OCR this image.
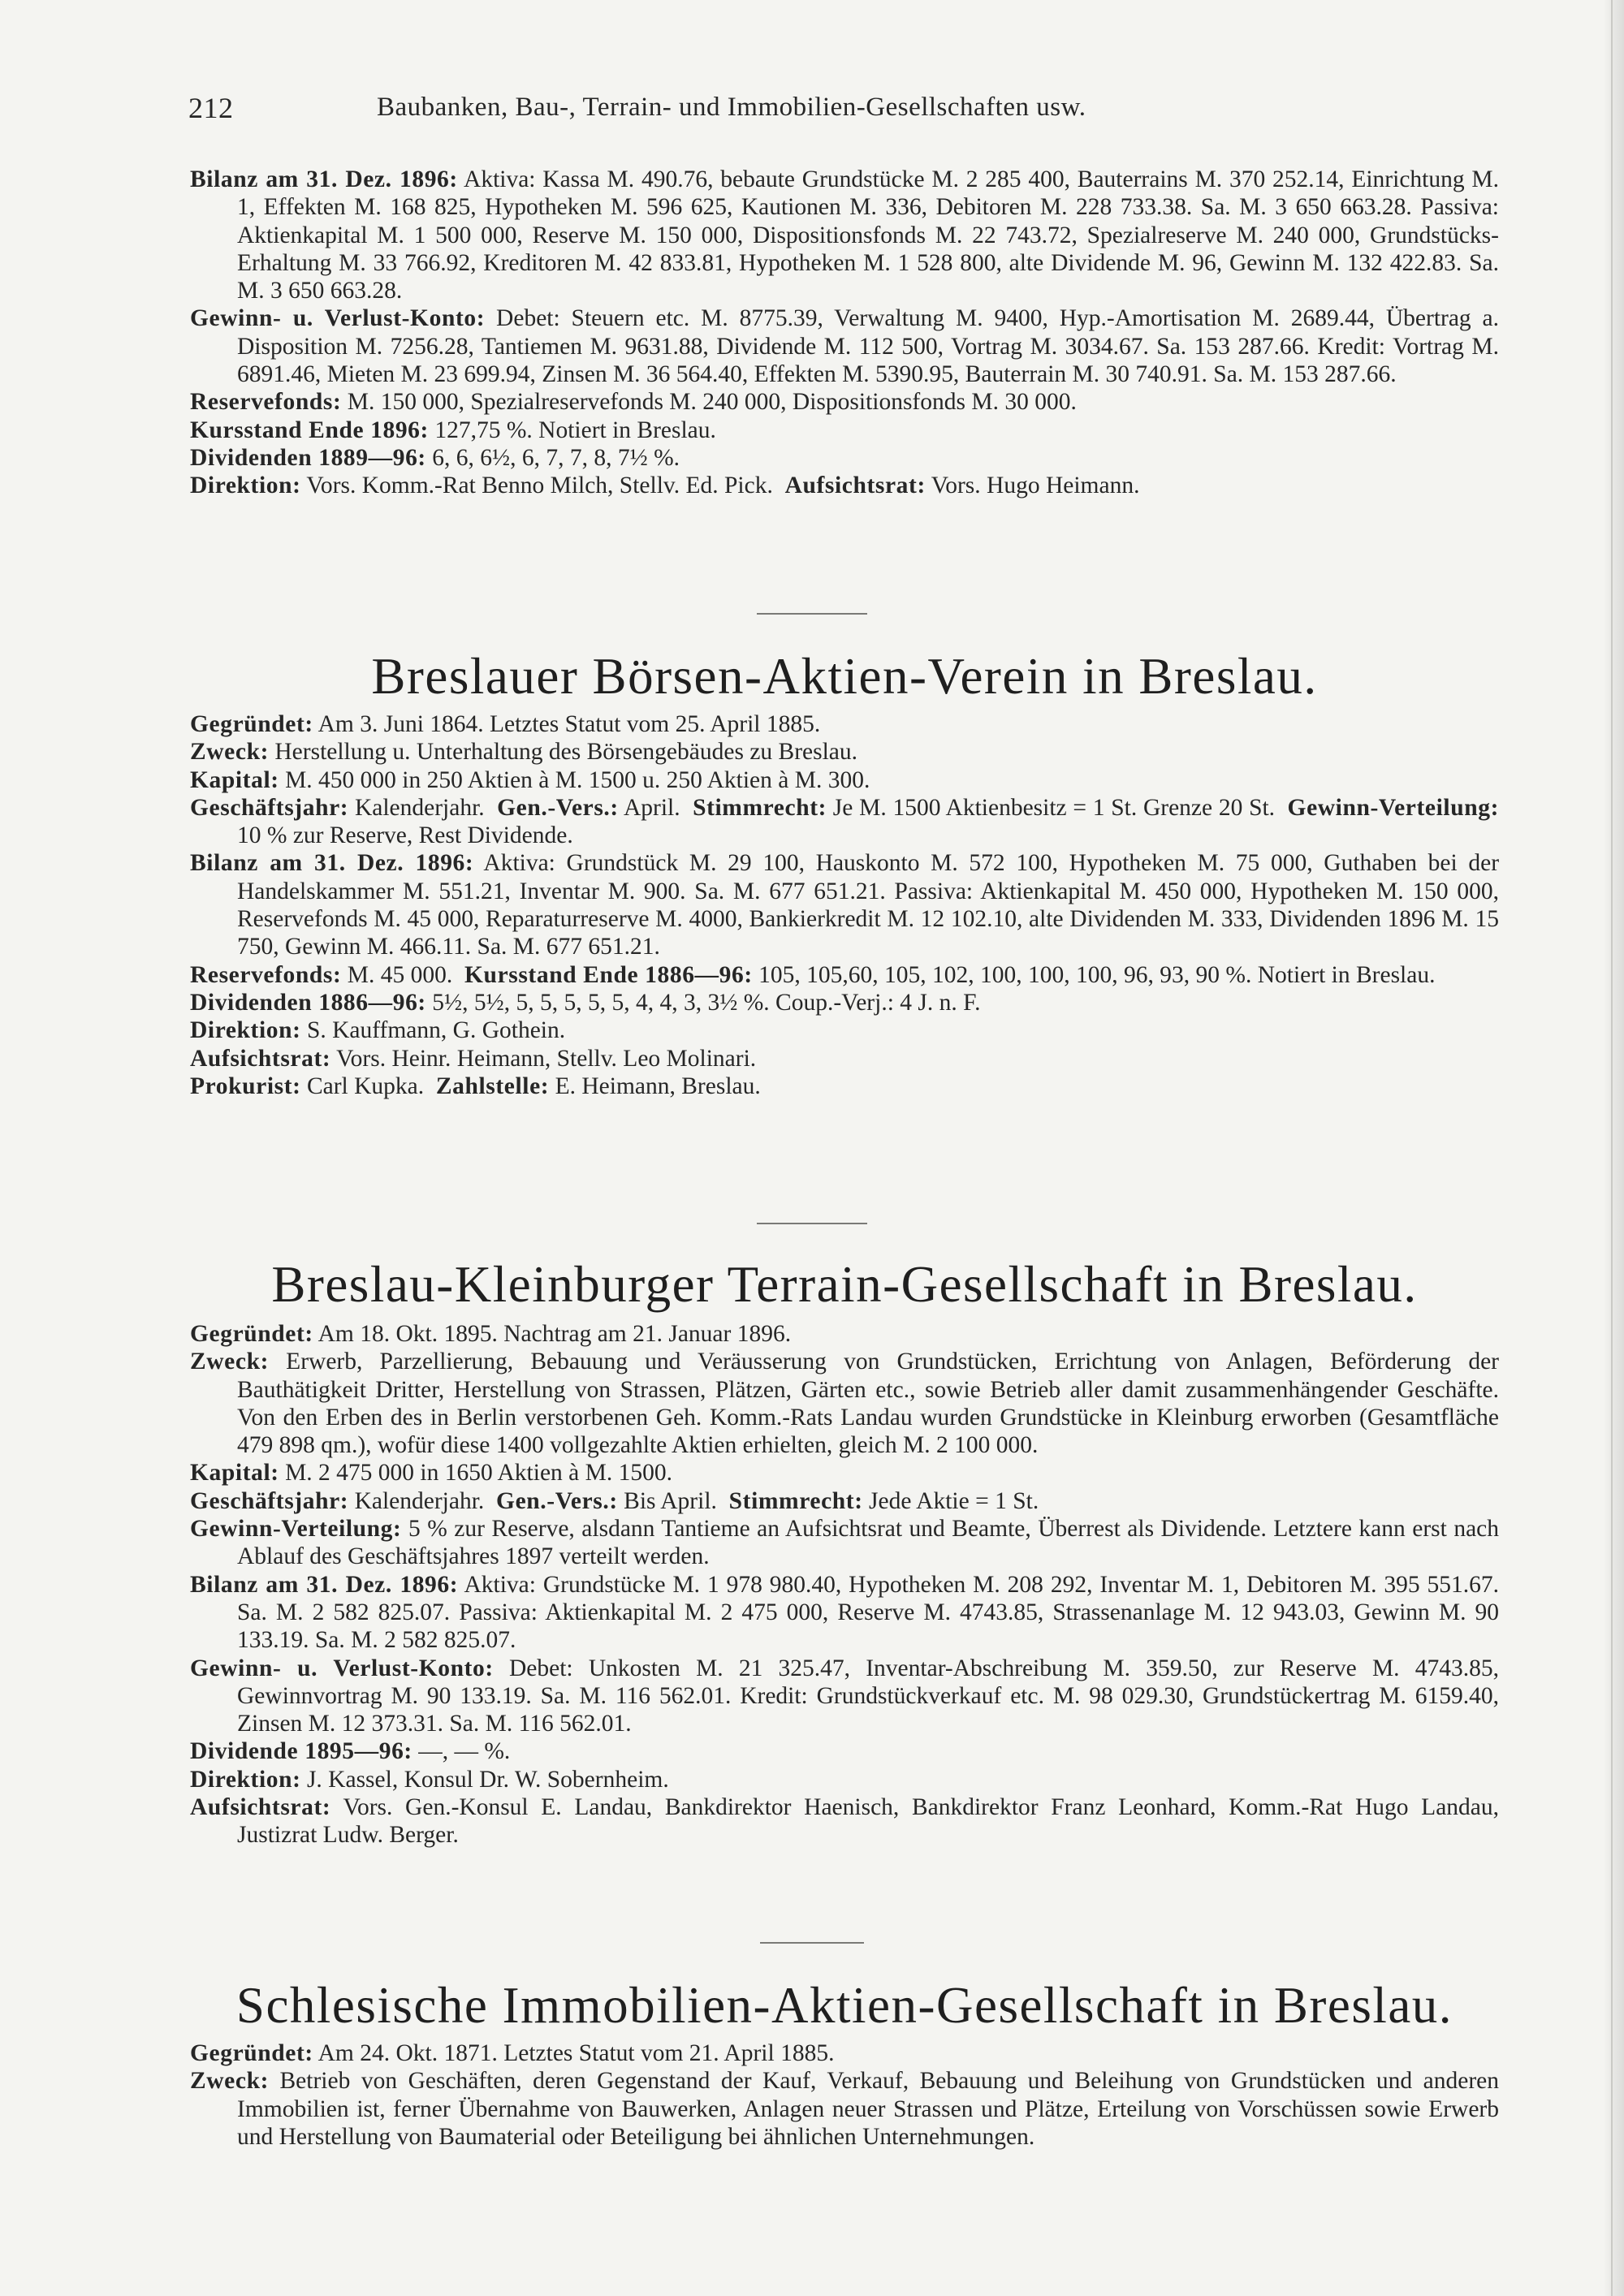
212	Baubanken, Bau-, Terrain- und Immobilien-Gesellschaften usw.

Bilanz am 31. Dez. 1896: Aktiva: Kassa M. 490.76, bebaute Grundstücke M. 2 285 400, Bauterrains M. 370 252.14, Einrichtung M. 1, Effekten M. 168 825, Hypotheken M. 596 625, Kautionen M. 336, Debitoren M. 228 733.38. Sa. M. 3 650 663.28. Passiva: Aktienkapital M. 1 500 000, Reserve M. 150 000, Dispositionsfonds M. 22 743.72, Spezialreserve M. 240 000, Grundstücks-Erhaltung M. 33 766.92, Kreditoren M. 42 833.81, Hypotheken M. 1 528 800, alte Dividende M. 96, Gewinn M. 132 422.83. Sa. M. 3 650 663.28.

Gewinn- u. Verlust-Konto: Debet: Steuern etc. M. 8775.39, Verwaltung M. 9400, Hyp.-Amortisation M. 2689.44, Übertrag a. Disposition M. 7256.28, Tantiemen M. 9631.88, Dividende M. 112 500, Vortrag M. 3034.67. Sa. 153 287.66. Kredit: Vortrag M. 6891.46, Mieten M. 23 699.94, Zinsen M. 36 564.40, Effekten M. 5390.95, Bauterrain M. 30 740.91. Sa. M. 153 287.66.

Reservefonds: M. 150 000, Spezialreservefonds M. 240 000, Dispositionsfonds M. 30 000.

Kursstand Ende 1896: 127,75 %. Notiert in Breslau.

Dividenden 1889—96: 6, 6, 6½, 6, 7, 7, 8, 7½ %.

Direktion: Vors. Komm.-Rat Benno Milch, Stellv. Ed. Pick. Aufsichtsrat: Vors. Hugo Heimann.

Breslauer Börsen-Aktien-Verein in Breslau.

Gegründet: Am 3. Juni 1864. Letztes Statut vom 25. April 1885.

Zweck: Herstellung u. Unterhaltung des Börsengebäudes zu Breslau.

Kapital: M. 450 000 in 250 Aktien à M. 1500 u. 250 Aktien à M. 300.

Geschäftsjahr: Kalenderjahr. Gen.-Vers.: April. Stimmrecht: Je M. 1500 Aktienbesitz = 1 St. Grenze 20 St. Gewinn-Verteilung: 10 % zur Reserve, Rest Dividende.

Bilanz am 31. Dez. 1896: Aktiva: Grundstück M. 29 100, Hauskonto M. 572 100, Hypotheken M. 75 000, Guthaben bei der Handelskammer M. 551.21, Inventar M. 900. Sa. M. 677 651.21. Passiva: Aktienkapital M. 450 000, Hypotheken M. 150 000, Reservefonds M. 45 000, Reparaturreserve M. 4000, Bankierkredit M. 12 102.10, alte Dividenden M. 333, Dividenden 1896 M. 15 750, Gewinn M. 466.11. Sa. M. 677 651.21.

Reservefonds: M. 45 000. Kursstand Ende 1886—96: 105, 105,60, 105, 102, 100, 100, 100, 96, 93, 90 %. Notiert in Breslau.

Dividenden 1886—96: 5½, 5½, 5, 5, 5, 5, 5, 4, 4, 3, 3½ %. Coup.-Verj.: 4 J. n. F.

Direktion: S. Kauffmann, G. Gothein.

Aufsichtsrat: Vors. Heinr. Heimann, Stellv. Leo Molinari.

Prokurist: Carl Kupka. Zahlstelle: E. Heimann, Breslau.

Breslau-Kleinburger Terrain-Gesellschaft in Breslau.

Gegründet: Am 18. Okt. 1895. Nachtrag am 21. Januar 1896.

Zweck: Erwerb, Parzellierung, Bebauung und Veräusserung von Grundstücken, Errichtung von Anlagen, Beförderung der Bauthätigkeit Dritter, Herstellung von Strassen, Plätzen, Gärten etc., sowie Betrieb aller damit zusammenhängender Geschäfte. Von den Erben des in Berlin verstorbenen Geh. Komm.-Rats Landau wurden Grundstücke in Kleinburg erworben (Gesamtfläche 479 898 qm.), wofür diese 1400 vollgezahlte Aktien erhielten, gleich M. 2 100 000.

Kapital: M. 2 475 000 in 1650 Aktien à M. 1500.

Geschäftsjahr: Kalenderjahr. Gen.-Vers.: Bis April. Stimmrecht: Jede Aktie = 1 St.

Gewinn-Verteilung: 5 % zur Reserve, alsdann Tantieme an Aufsichtsrat und Beamte, Überrest als Dividende. Letztere kann erst nach Ablauf des Geschäftsjahres 1897 verteilt werden.

Bilanz am 31. Dez. 1896: Aktiva: Grundstücke M. 1 978 980.40, Hypotheken M. 208 292, Inventar M. 1, Debitoren M. 395 551.67. Sa. M. 2 582 825.07. Passiva: Aktienkapital M. 2 475 000, Reserve M. 4743.85, Strassenanlage M. 12 943.03, Gewinn M. 90 133.19. Sa. M. 2 582 825.07.

Gewinn- u. Verlust-Konto: Debet: Unkosten M. 21 325.47, Inventar-Abschreibung M. 359.50, zur Reserve M. 4743.85, Gewinnvortrag M. 90 133.19. Sa. M. 116 562.01. Kredit: Grundstückverkauf etc. M. 98 029.30, Grundstückertrag M. 6159.40, Zinsen M. 12 373.31. Sa. M. 116 562.01.

Dividende 1895—96: —, — %.

Direktion: J. Kassel, Konsul Dr. W. Sobernheim.

Aufsichtsrat: Vors. Gen.-Konsul E. Landau, Bankdirektor Haenisch, Bankdirektor Franz Leonhard, Komm.-Rat Hugo Landau, Justizrat Ludw. Berger.

Schlesische Immobilien-Aktien-Gesellschaft in Breslau.

Gegründet: Am 24. Okt. 1871. Letztes Statut vom 21. April 1885.

Zweck: Betrieb von Geschäften, deren Gegenstand der Kauf, Verkauf, Bebauung und Beleihung von Grundstücken und anderen Immobilien ist, ferner Übernahme von Bauwerken, Anlagen neuer Strassen und Plätze, Erteilung von Vorschüssen sowie Erwerb und Herstellung von Baumaterial oder Beteiligung bei ähnlichen Unternehmungen.
